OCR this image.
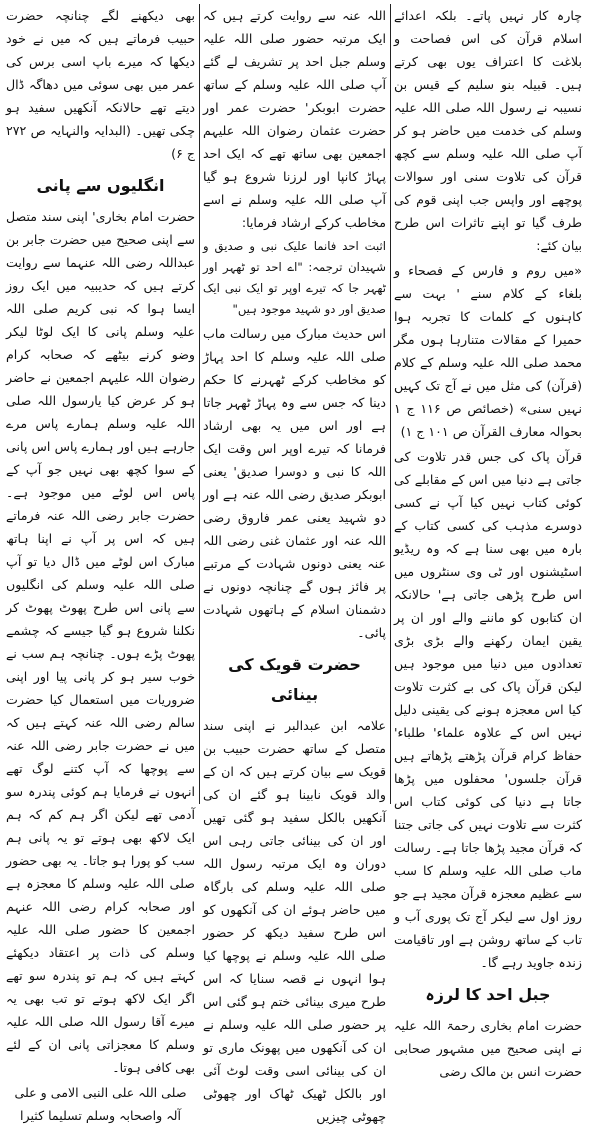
چارہ کار نہیں پاتے۔ بلکہ اعدائے اسلام قرآن کی اس فصاحت و بلاغت کا اعتراف یوں بھی کرتے ہیں۔ قبیلہ بنو سلیم کے قیس بن نسیبہ نے رسول اللہ صلی اللہ علیہ وسلم کی خدمت میں حاضر ہو کر آپ صلی اللہ علیہ وسلم سے کچھ قرآن کی تلاوت سنی اور سوالات پوچھے اور واپس جب اپنی قوم کی طرف گیا تو اپنے تاثرات اس طرح بیان کئے:

«میں روم و فارس کے فصحاء و بلغاء کے کلام سنے ' بہت سے کاہنوں کے کلمات کا تجربہ ہوا حمیرا کے مقالات متنارہا ہوں مگر محمد صلی اللہ علیہ وسلم کے کلام (قرآن) کی مثل میں نے آج تک کہیں نہیں سنی» (خصائص ص ۱۱۶ ج ۱ بحوالہ معارف القرآن ص ۱۰۱ ج ۱)

قرآن پاک کی جس قدر تلاوت کی جاتی ہے دنیا میں اس کے مقابلے کی کوئی کتاب نہیں کیا آپ نے کسی دوسرے مذہب کی کسی کتاب کے بارہ میں بھی سنا ہے کہ وہ ریڈیو اسٹیشنوں اور ٹی وی سنٹروں میں اس طرح پڑھی جاتی ہے' حالانکہ ان کتابوں کو ماننے والے اور ان پر یقین ایمان رکھنے والے بڑی بڑی تعدادوں میں دنیا میں موجود ہیں لیکن قرآن پاک کی بے کثرت تلاوت کیا اس معجزہ ہونے کی یقینی دلیل نہیں اس کے علاوہ علماء' طلباء' حفاظ کرام قرآن پڑھتے پڑھاتے ہیں قرآن جلسوں' محفلوں میں پڑھا جاتا ہے دنیا کی کوئی کتاب اس کثرت سے تلاوت نہیں کی جاتی جتنا کہ قرآن مجید پڑھا جاتا ہے۔ رسالت ماب صلی اللہ علیہ وسلم کا سب سے عظیم معجزہ قرآن مجید ہے جو روز اول سے لیکر آج تک پوری آب و تاب کے ساتھ روشن ہے اور تاقیامت زندہ جاوید رہے گا۔

جبل احد کا لرزہ

حضرت امام بخاری رحمۃ اللہ علیہ نے اپنی صحیح میں مشہور صحابی حضرت انس بن مالک رضی

اللہ عنہ سے روایت کرتے ہیں کہ ایک مرتبہ حضور صلی اللہ علیہ وسلم جبل احد پر تشریف لے گئے آپ صلی اللہ علیہ وسلم کے ساتھ حضرت ابوبکر' حضرت عمر اور حضرت عثمان رضوان اللہ علیہم اجمعین بھی ساتھ تھے کہ ایک احد پہاڑ کانپا اور لرزنا شروع ہو گیا آپ صلی اللہ علیہ وسلم نے اسے مخاطب کرکے ارشاد فرمایا:

اثبت احد فانما علیک نبی و صدیق و شہیدان ترجمہ: "اے احد تو ٹھہر اور ٹھہر جا کہ تیرے اوپر تو ایک نبی ایک صدیق اور دو شہید موجود ہیں"

اس حدیث مبارک میں رسالت ماب صلی اللہ علیہ وسلم کا احد پہاڑ کو مخاطب کرکے ٹھہرنے کا حکم دینا کہ جس سے وہ پہاڑ ٹھہر جاتا ہے اور اس میں یہ بھی ارشاد فرمانا کہ تیرے اوپر اس وقت ایک اللہ کا نبی و دوسرا صدیق' یعنی ابوبکر صدیق رضی اللہ عنہ ہے اور دو شہید یعنی عمر فاروق رضی اللہ عنہ اور عثمان غنی رضی اللہ عنہ یعنی دونوں شہادت کے مرتبے پر فائز ہوں گے چنانچہ دونوں نے دشمنان اسلام کے ہاتھوں شہادت پائی۔

حضرت قویک کی بینائی

علامہ ابن عبدالبر نے اپنی سند متصل کے ساتھ حضرت حبیب بن قویک سے بیان کرتے ہیں کہ ان کے والد قویک نابینا ہو گئے ان کی آنکھیں بالکل سفید ہو گئی تھیں اور ان کی بینائی جاتی رہی اس دوران وہ ایک مرتبہ رسول اللہ صلی اللہ علیہ وسلم کی بارگاہ میں حاضر ہوئے ان کی آنکھوں کو اس طرح سفید دیکھ کر حضور صلی اللہ علیہ وسلم نے پوچھا کیا ہوا انہوں نے قصہ سنایا کہ اس طرح میری بینائی ختم ہو گئی اس پر حضور صلی اللہ علیہ وسلم نے ان کی آنکھوں میں پھونک ماری تو ان کی بینائی اسی وقت لوٹ آئی اور بالکل ٹھیک ٹھاک اور چھوٹی چھوٹی چیزیں

بھی دیکھنے لگے چنانچہ حضرت حبیب فرماتے ہیں کہ میں نے خود دیکھا کہ میرے باپ اسی برس کی عمر میں بھی سوئی میں دھاگہ ڈال دیتے تھے حالانکہ آنکھیں سفید ہو چکی تھیں۔ (البدایہ والنہایہ ص ۲۷۲ ج ۶)

انگلیوں سے پانی

حضرت امام بخاری' اپنی سند متصل سے اپنی صحیح میں حضرت جابر بن عبداللہ رضی اللہ عنہما سے روایت کرتے ہیں کہ حدیبیہ میں ایک روز ایسا ہوا کہ نبی کریم صلی اللہ علیہ وسلم پانی کا ایک لوٹا لیکر وضو کرنے بیٹھے کہ صحابہ کرام رضوان اللہ علیہم اجمعین نے حاضر ہو کر عرض کیا یارسول اللہ صلی اللہ علیہ وسلم ہمارے پاس مرے جارہے ہیں اور ہمارے پاس اس پانی کے سوا کچھ بھی نہیں جو آپ کے پاس اس لوٹے میں موجود ہے۔ حضرت جابر رضی اللہ عنہ فرماتے ہیں کہ اس پر آپ نے اپنا ہاتھ مبارک اس لوٹے میں ڈال دیا تو آپ صلی اللہ علیہ وسلم کی انگلیوں سے پانی اس طرح پھوٹ پھوٹ کر نکلنا شروع ہو گیا جیسے کہ چشمے پھوٹ پڑے ہوں۔ چنانچہ ہم سب نے خوب سیر ہو کر پانی پیا اور اپنی ضروریات میں استعمال کیا حضرت سالم رضی اللہ عنہ کہتے ہیں کہ میں نے حضرت جابر رضی اللہ عنہ سے پوچھا کہ آپ کتنے لوگ تھے انہوں نے فرمایا ہم کوئی پندرہ سو آدمی تھے لیکن اگر ہم کم کہ ہم ایک لاکھ بھی ہوتے تو یہ پانی ہم سب کو پورا ہو جاتا۔ یہ بھی حضور صلی اللہ علیہ وسلم کا معجزہ ہے اور صحابہ کرام رضی اللہ عنہم اجمعین کا حضور صلی اللہ علیہ وسلم کی ذات پر اعتقاد دیکھئے کہتے ہیں کہ ہم تو پندرہ سو تھے اگر ایک لاکھ ہوتے تو تب بھی یہ میرے آقا رسول اللہ صلی اللہ علیہ وسلم کا معجزاتی پانی ان کے لئے بھی کافی ہوتا۔

صلی اللہ علی النبی الامی و علی آلہ واصحابہ وسلم تسلیما کثیرا
